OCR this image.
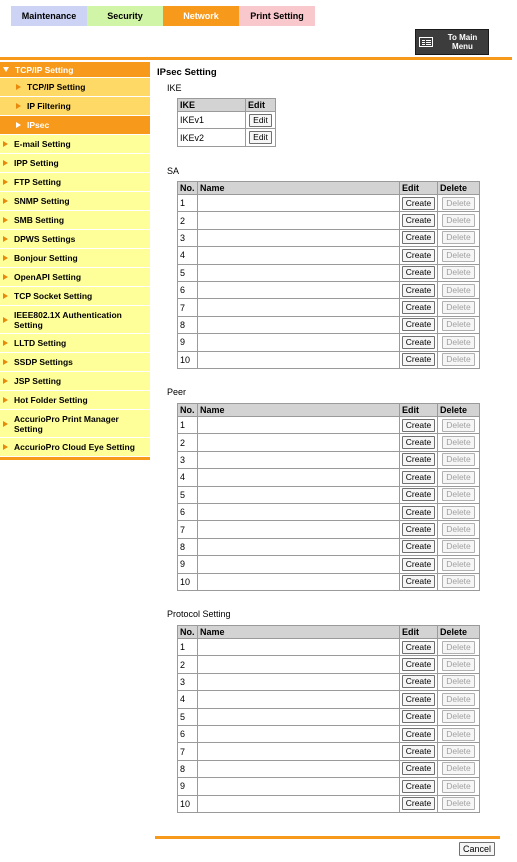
Maintenance	Security	Network	Print Setting
To Main
Menu
TCP/IP Setting
TCP/IP Setting
IP Filtering
IPsec
E-mail Setting
IPP Setting
FTP Setting
SNMP Setting
SMB Setting
DPWS Settings
Bonjour Setting
OpenAPI Setting
TCP Socket Setting
IEEE802.1X Authentication Setting
LLTD Setting
SSDP Settings
JSP Setting
Hot Folder Setting
AccurioPro Print Manager Setting
AccurioPro Cloud Eye Setting
IPsec Setting
IKE
IKE	Edit
IKEv1	Edit
IKEv2	Edit
SA
No.	Name	Edit	Delete
1		Create	Delete
2		Create	Delete
3		Create	Delete
4		Create	Delete
5		Create	Delete
6		Create	Delete
7		Create	Delete
8		Create	Delete
9		Create	Delete
10		Create	Delete
Peer
No.	Name	Edit	Delete
1		Create	Delete
2		Create	Delete
3		Create	Delete
4		Create	Delete
5		Create	Delete
6		Create	Delete
7		Create	Delete
8		Create	Delete
9		Create	Delete
10		Create	Delete
Protocol Setting
No.	Name	Edit	Delete
1		Create	Delete
2		Create	Delete
3		Create	Delete
4		Create	Delete
5		Create	Delete
6		Create	Delete
7		Create	Delete
8		Create	Delete
9		Create	Delete
10		Create	Delete
Cancel
